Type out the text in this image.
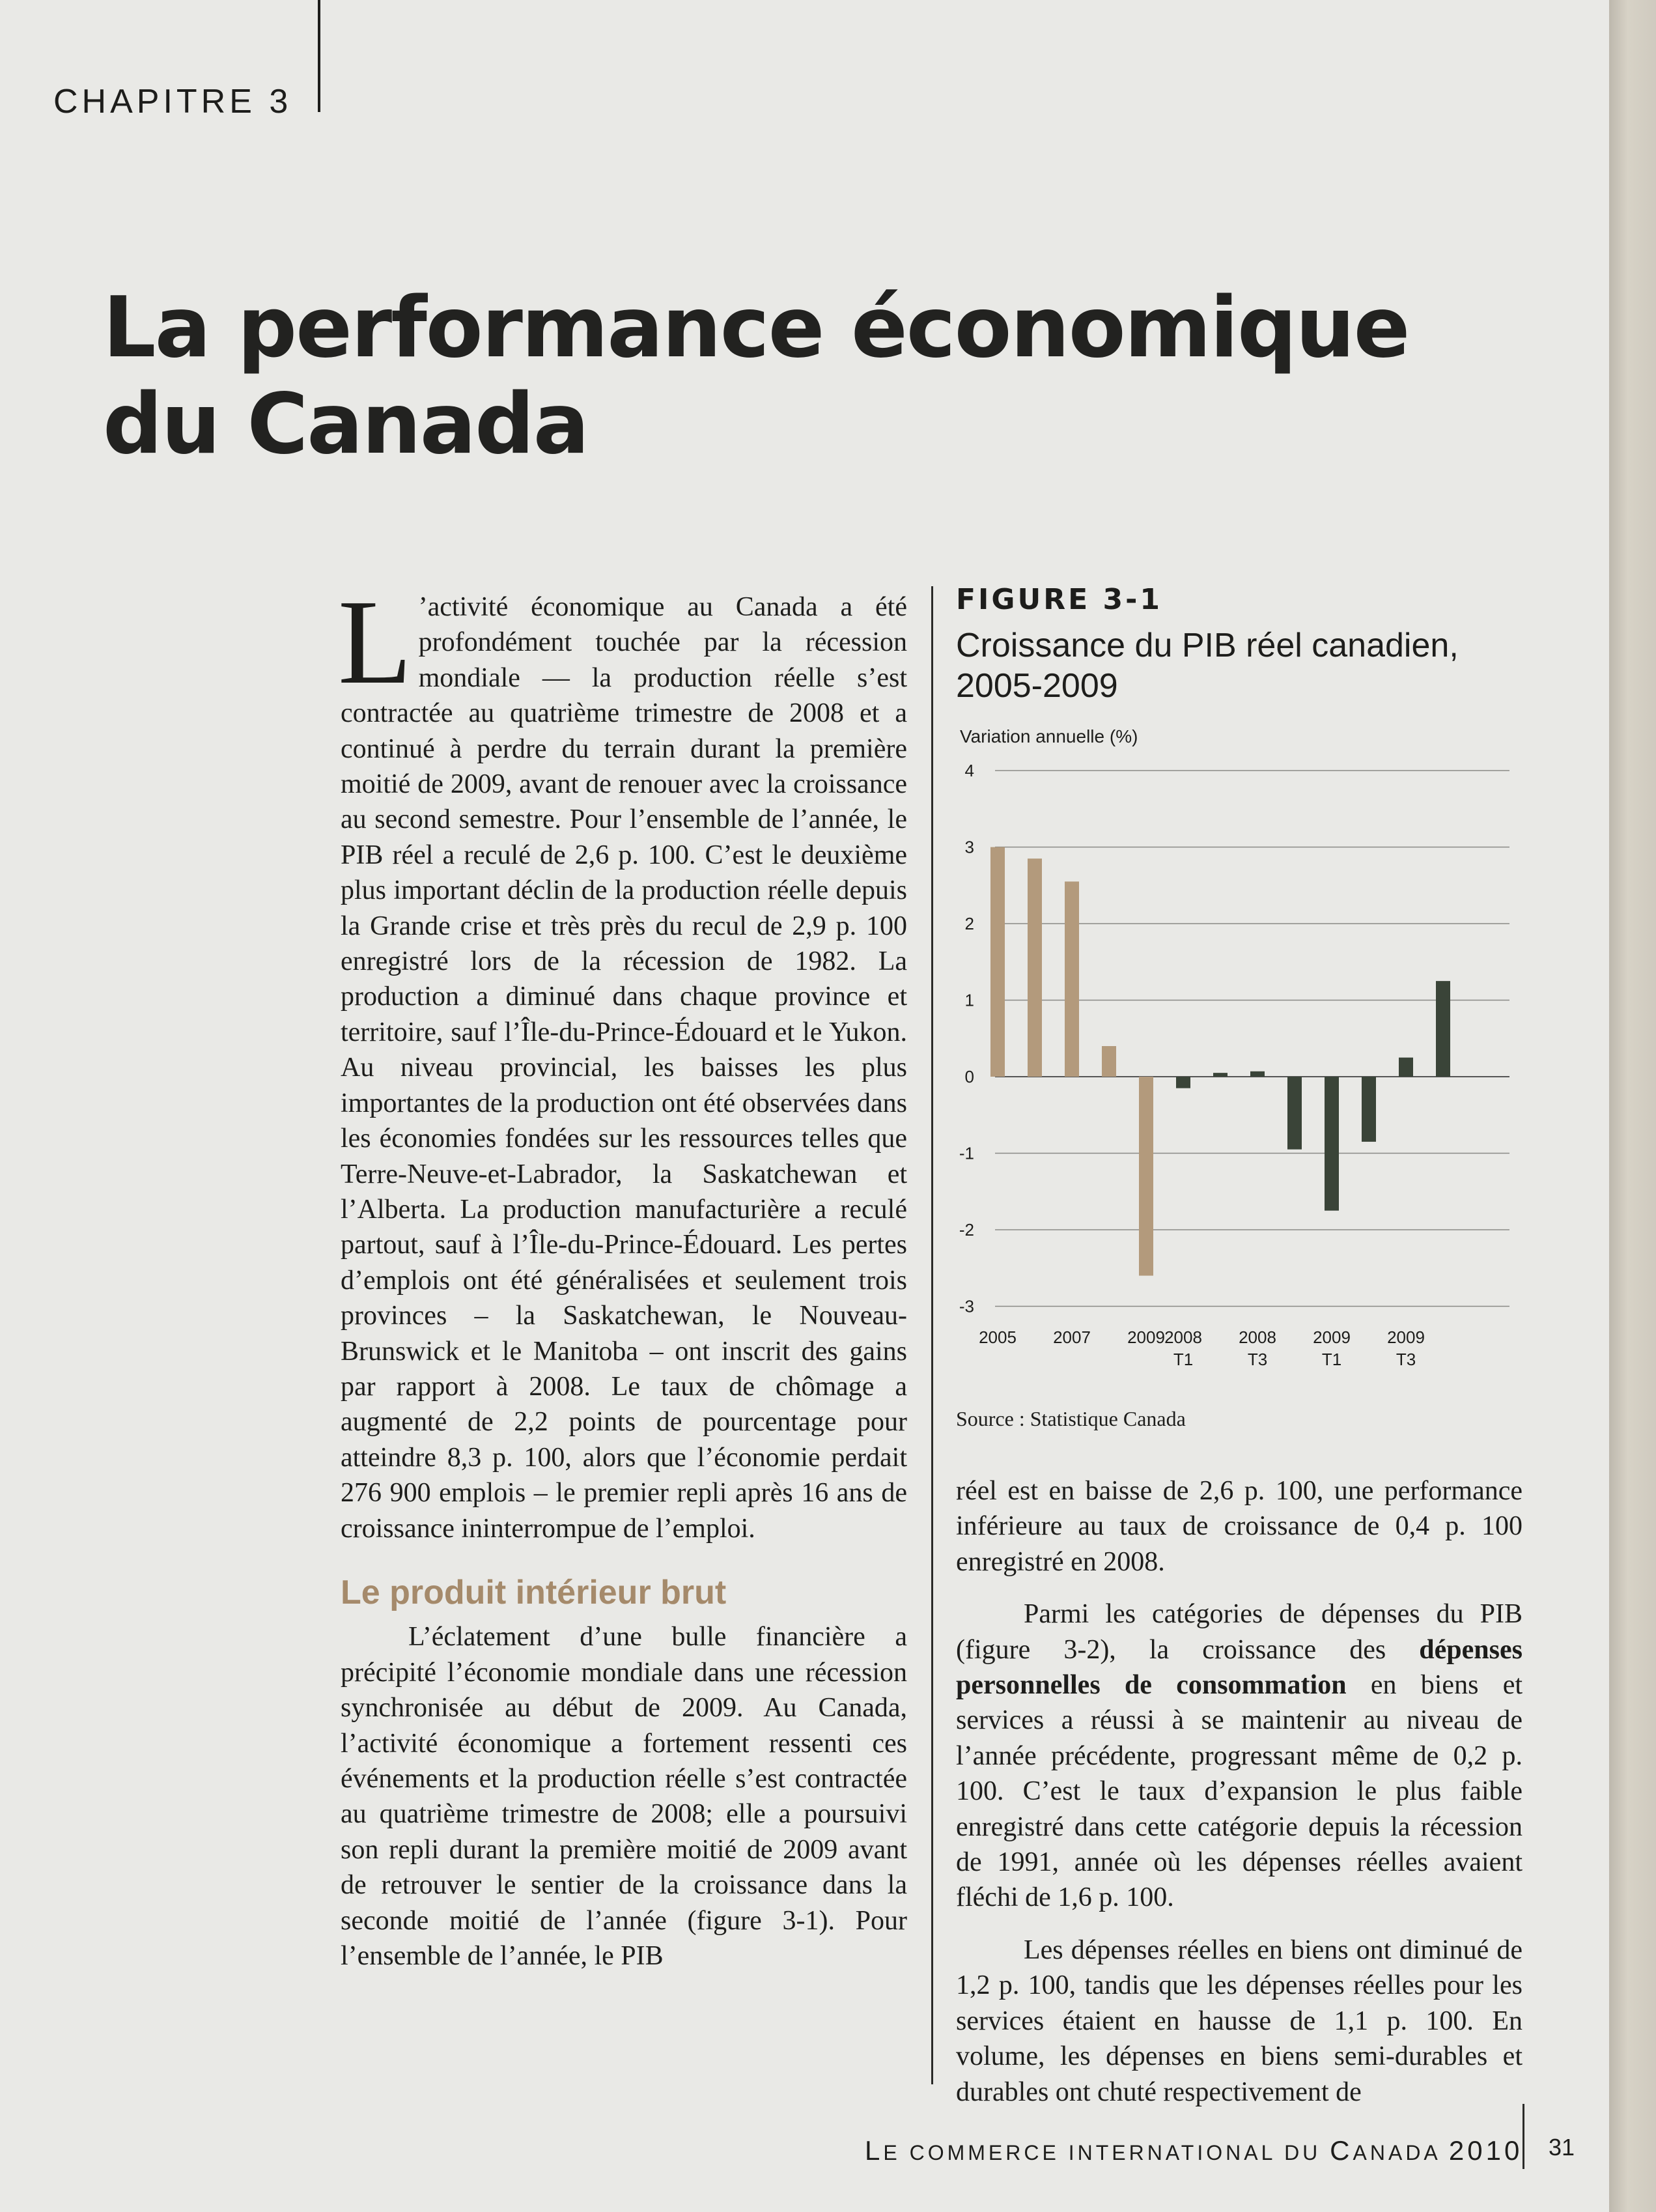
CHAPITRE 3
La performance économique
du Canada

L ’activité économique au Canada a été profondément touchée par la récession mondiale — la production réelle s’est contractée au quatrième trimestre de 2008 et a continué à perdre du terrain durant la première moitié de 2009, avant de renouer avec la croissance au second semestre. Pour l’ensemble de l’année, le PIB réel a reculé de 2,6 p. 100. C’est le deuxième plus important déclin de la production réelle depuis la Grande crise et très près du recul de 2,9 p. 100 enregistré lors de la récession de 1982. La production a diminué dans chaque province et territoire, sauf l’Île-du-Prince-Édouard et le Yukon. Au niveau provincial, les baisses les plus importantes de la production ont été observées dans les économies fondées sur les ressources telles que Terre-Neuve-et-Labrador, la Saskatchewan et l’Alberta. La production manufacturière a reculé partout, sauf à l’Île-du-Prince-Édouard. Les pertes d’emplois ont été généralisées et seulement trois provinces – la Saskatchewan, le Nouveau-Brunswick et le Manitoba – ont inscrit des gains par rapport à 2008. Le taux de chômage a augmenté de 2,2 points de pourcentage pour atteindre 8,3 p. 100, alors que l’économie perdait 276 900 emplois – le premier repli après 16 ans de croissance ininterrompue de l’emploi.

Le produit intérieur brut

L’éclatement d’une bulle financière a précipité l’économie mondiale dans une récession synchronisée au début de 2009. Au Canada, l’activité économique a fortement ressenti ces événements et la production réelle s’est contractée au quatrième trimestre de 2008; elle a poursuivi son repli durant la première moitié de 2009 avant de retrouver le sentier de la croissance dans la seconde moitié de l’année (figure 3-1). Pour l’ensemble de l’année, le PIB

FIGURE 3-1
Croissance du PIB réel canadien, 2005-2009
Variation annuelle (%)
4
3
2
1
0
-1
-2
-3
2005 2007 2009 2008
T1
2008
T3
2009
T1
2009
T3
Source : Statistique Canada

réel est en baisse de 2,6 p. 100, une performance inférieure au taux de croissance de 0,4 p. 100 enregistré en 2008.

Parmi les catégories de dépenses du PIB (figure 3-2), la croissance des dépenses personnelles de consommation en biens et services a réussi à se maintenir au niveau de l’année précédente, progressant même de 0,2 p. 100. C’est le taux d’expansion le plus faible enregistré dans cette catégorie depuis la récession de 1991, année où les dépenses réelles avaient fléchi de 1,6 p. 100.

Les dépenses réelles en biens ont diminué de 1,2 p. 100, tandis que les dépenses réelles pour les services étaient en hausse de 1,1 p. 100. En volume, les dépenses en biens semi-durables et durables ont chuté respectivement de

LE COMMERCE INTERNATIONAL DU CANADA 2010 31
